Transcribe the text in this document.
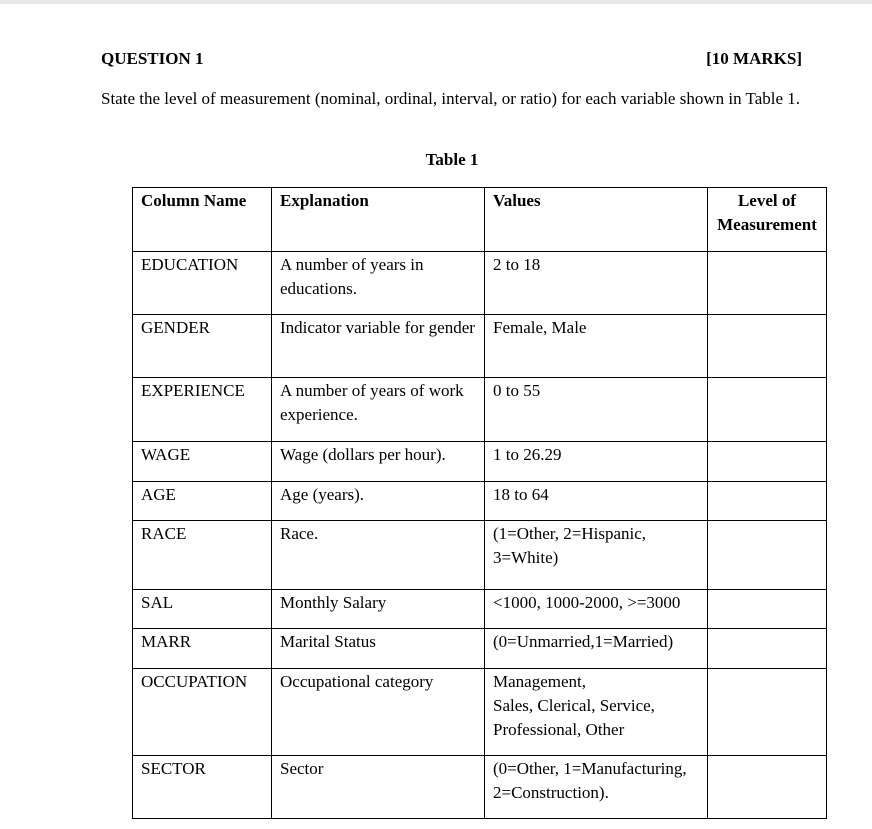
QUESTION 1	[10 MARKS]
State the level of measurement (nominal, ordinal, interval, or ratio) for each variable shown in Table 1.
Table 1
Column Name	Explanation	Values	Level of Measurement
EDUCATION	A number of years in educations.	2 to 18	
GENDER	Indicator variable for gender	Female, Male	
EXPERIENCE	A number of years of work experience.	0 to 55	
WAGE	Wage (dollars per hour).	1 to 26.29	
AGE	Age (years).	18 to 64	
RACE	Race.	(1=Other, 2=Hispanic, 3=White)	
SAL	Monthly Salary	<1000, 1000-2000, >=3000	
MARR	Marital Status	(0=Unmarried,1=Married)	
OCCUPATION	Occupational category	Management,
Sales, Clerical, Service,
Professional, Other	
SECTOR	Sector	(0=Other, 1=Manufacturing, 2=Construction).	
